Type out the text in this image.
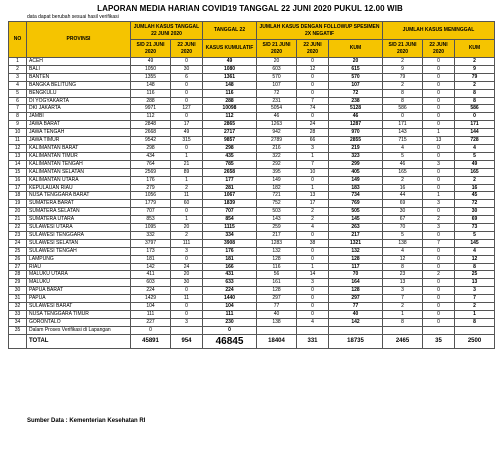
LAPORAN MEDIA HARIAN COVID19 TANGGAL 22 JUNI 2020 PUKUL 12.00 WIB
data dapat berubah sesuai hasil verifikasi
NO	PROVINSI	JUMLAH KASUS TANGGAL 22 JUNI 2020		TANGGAL 22	JUMLAH KASUS DENGAN FOLLOWUP SPESIMEN 2X NEGATIF			JUMLAH KASUS MENINGGAL		
		S/D 21 JUNI 2020	22 JUNI 2020	KASUS KUMULATIF	S/D 21 JUNI 2020	22 JUNI 2020	KUM	S/D 21 JUNI 2020	22 JUNI 2020	KUM
1	ACEH	49	0	49	20	0	20	2	0	2
2	BALI	1050	30	1080	603	12	615	9	0	9
3	BANTEN	1355	6	1361	570	0	570	79	0	79
4	BANGKA BELITUNG	148	0	148	107	0	107	2	0	2
5	BENGKULU	116	0	116	72	0	72	8	0	8
6	DI YOGYAKARTA	288	0	288	231	7	238	8	0	8
7	DKI JAKARTA	9971	127	10098	5054	74	5128	586	0	586
8	JAMBI	112	0	112	46	0	46	0	0	0
9	JAWA BARAT	2848	17	2865	1263	24	1287	171	0	171
10	JAWA TENGAH	2668	49	2717	942	28	970	143	1	144
11	JAWA TIMUR	9542	315	9857	2789	66	2855	715	13	728
12	KALIMANTAN BARAT	298	0	298	216	3	219	4	0	4
13	KALIMANTAN TIMUR	434	1	435	322	1	323	5	0	5
14	KALIMANTAN TENGAH	764	21	785	292	7	299	46	3	49
15	KALIMANTAN SELATAN	2569	89	2658	395	10	405	165	0	165
16	KALIMANTAN UTARA	176	1	177	149	0	149	2	0	2
17	KEPULAUAN RIAU	279	2	281	182	1	183	16	0	16
18	NUSA TENGGARA BARAT	1056	11	1067	721	13	734	44	1	45
19	SUMATERA BARAT	1779	60	1839	752	17	769	69	3	72
20	SUMATERA SELATAN	707	0	707	503	2	505	30	0	30
21	SUMATERA UTARA	853	1	854	143	2	145	67	2	69
22	SULAWESI UTARA	1095	20	1115	259	4	263	70	3	73
23	SULAWESI TENGGARA	332	2	334	217	0	217	5	0	5
24	SULAWESI SELATAN	3797	111	3908	1283	38	1321	138	7	145
25	SULAWESI TENGAH	173	3	176	132	0	132	4	0	4
26	LAMPUNG	181	0	181	128	0	128	12	0	12
27	RIAU	142	24	166	116	1	117	8	0	8
28	MALUKU UTARA	411	20	431	56	14	70	23	2	25
29	MALUKU	603	30	633	161	3	164	13	0	13
30	PAPUA BARAT	224	0	224	128	0	128	3	0	3
31	PAPUA	1429	11	1440	297	0	297	7	0	7
32	SULAWESI BARAT	104	0	104	77	0	77	2	0	2
33	NUSA TENGGARA TIMUR	111	0	111	40	0	40	1	0	1
34	GORONTALO	227	3	230	138	4	142	8	0	8
35	Dalam Proses Verifikasi di Lapangan	0		0						
	TOTAL	45891	954	46845	18404	331	18735	2465	35	2500
Sumber Data : Kementerian Kesehatan RI
